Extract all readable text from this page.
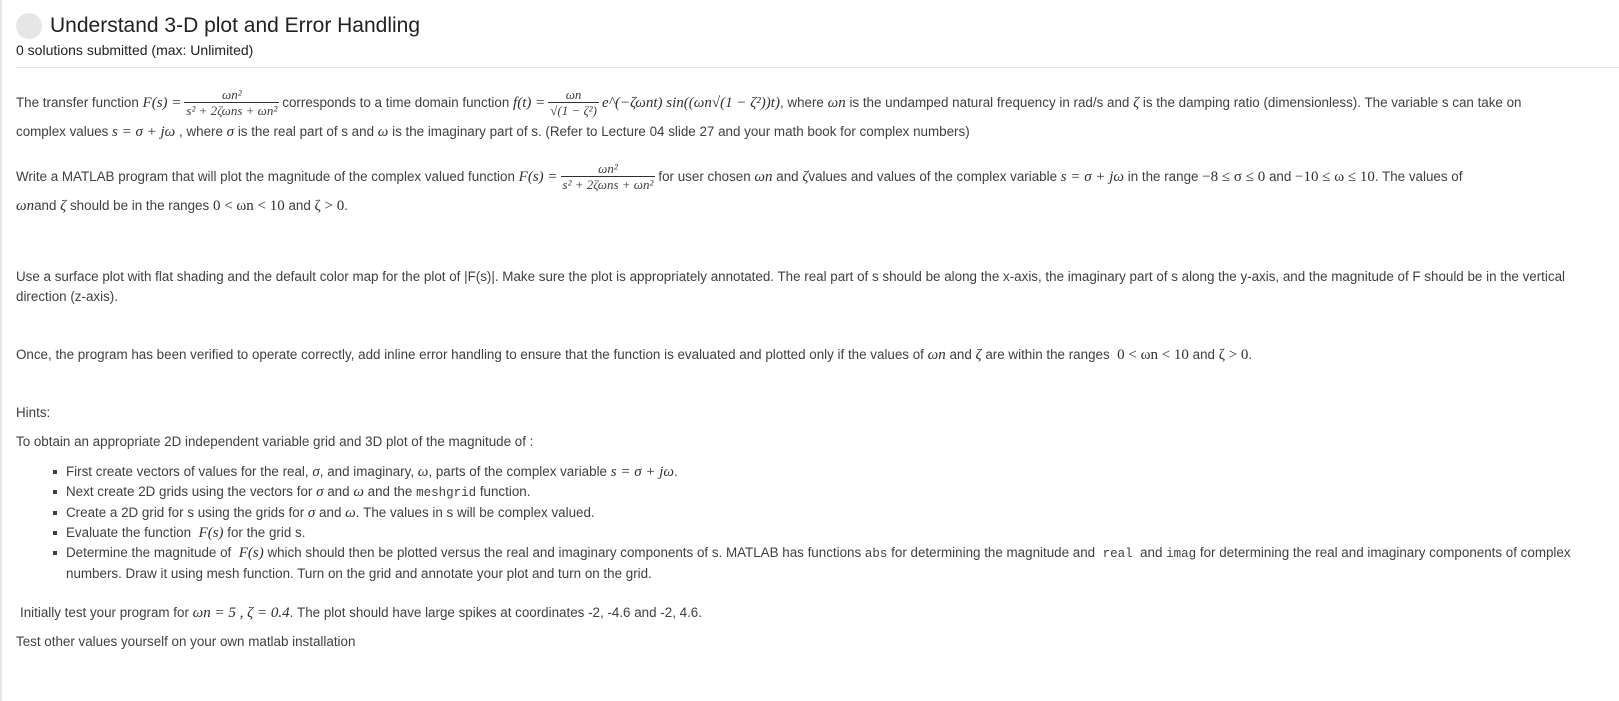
Understand 3-D plot and Error Handling
0 solutions submitted (max: Unlimited)
The transfer function
$F(s) = \frac{\text{ωn²}}{\text{s² + 2ζωns + ωn²}}$ corresponds to a time domain function
$f(t) = \frac{\omega n}{\text{√(1 − ζ²)}}$ e^(−ζωnt) sin((ωn√(1 − ζ²))t) , where
ωn
is the undamped natural frequency in rad/s and
ζ
is the damping ratio (dimensionless). The variable s can take on
complex values s = σ + jω , where σ is the real part of s and ω is the imaginary part of s. (Refer to Lecture 04 slide 27 and your math book for complex numbers)
Write a MATLAB program that will plot the magnitude of the complex valued function
$F(s) = \frac{\text{ωn²}}{\text{s² + 2ζωns + ωn²}}$ for user chosen
ωn
and
ζ values and values of the complex variable
s = σ + jω
in the range
−8 ≤ σ ≤ 0
and
−10 ≤ ω ≤ 10 . The values of
ωnand ζ should be in the ranges 0 < ωn < 10 and ζ > 0.
Use a surface plot with flat shading and the default color map for the plot of |F(s)|. Make sure the plot is appropriately annotated. The real part of s should be along the x-axis, the imaginary part of s along the y-axis, and the magnitude of F should be in the vertical direction (z-axis).
Once, the program has been verified to operate correctly, add inline error handling to ensure that the function is evaluated and plotted only if the values of ωn and ζ are within the ranges 0 < ωn < 10 and ζ > 0.
Hints:
To obtain an appropriate 2D independent variable grid and 3D plot of the magnitude of :
First create vectors of values for the real, σ, and imaginary, ω, parts of the complex variable s = σ + jω.
Next create 2D grids using the vectors for σ and ω and the meshgrid function.
Create a 2D grid for s using the grids for σ and ω. The values in s will be complex valued.
Evaluate the function F(s) for the grid s.
Determine the magnitude of F(s) which should then be plotted versus the real and imaginary components of s. MATLAB has functions abs for determining the magnitude and real and imag for determining the real and imaginary components of complex numbers. Draw it using mesh function. Turn on the grid and annotate your plot and turn on the grid.
Initially test your program for ωn = 5 , ζ = 0.4. The plot should have large spikes at coordinates -2, -4.6 and -2, 4.6.
Test other values yourself on your own matlab installation
